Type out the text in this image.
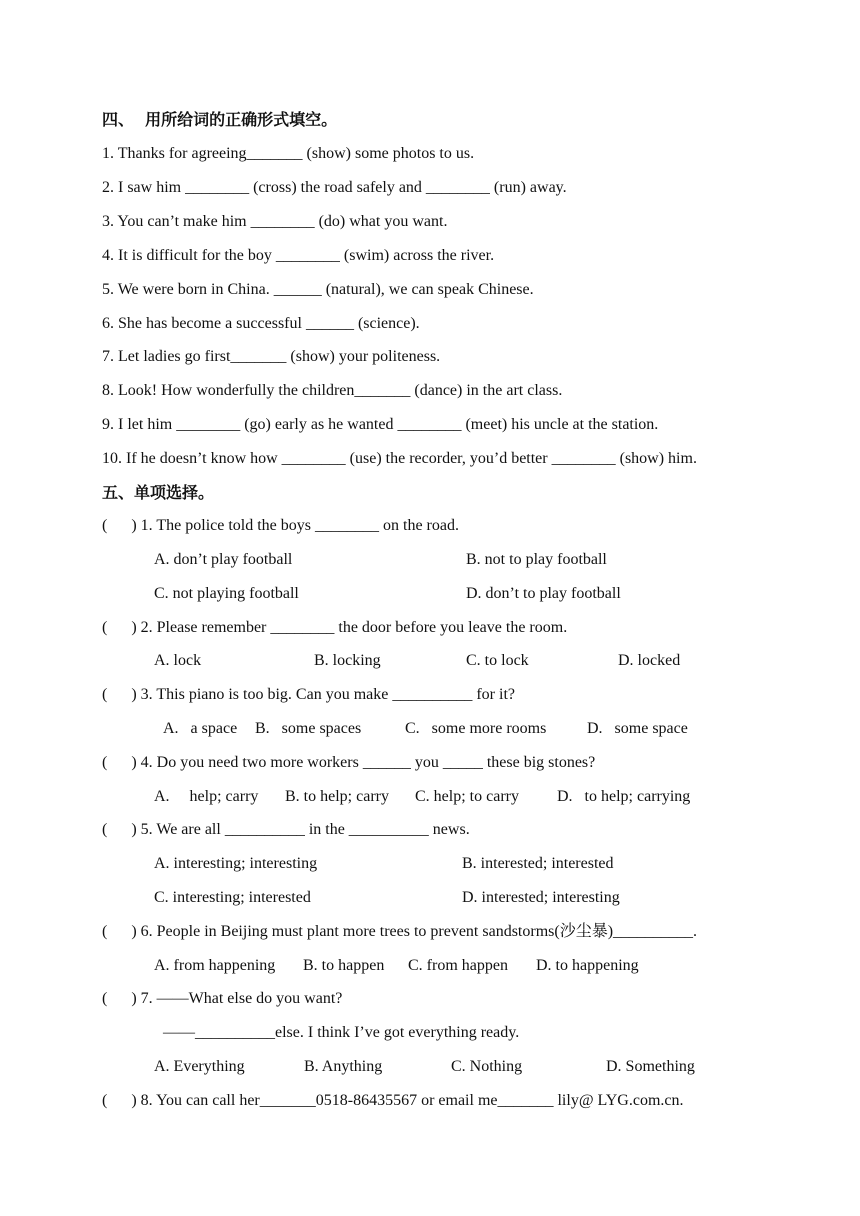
四、  用所给词的正确形式填空。
1. Thanks for agreeing_______ (show) some photos to us.
2. I saw him ________ (cross) the road safely and ________ (run) away.
3. You can’t make him ________ (do) what you want.
4. It is difficult for the boy ________ (swim) across the river.
5. We were born in China. ______ (natural), we can speak Chinese.
6. She has become a successful ______ (science).
7. Let ladies go first_______ (show) your politeness.
8. Look! How wonderfully the children_______ (dance) in the art class.
9. I let him ________ (go) early as he wanted ________ (meet) his uncle at the station.
10. If he doesn’t know how ________ (use) the recorder, you’d better ________ (show) him.
五、单项选择。
(      ) 1. The police told the boys ________ on the road.
A. don’t play football	B. not to play football
C. not playing football	D. don’t to play football
(      ) 2. Please remember ________ the door before you leave the room.
A. lock	B. locking	C. to lock	D. locked
(      ) 3. This piano is too big. Can you make __________ for it?
A.   a space B.   some spaces	C.   some more rooms	D.   some space
(      ) 4. Do you need two more workers ______ you _____ these big stones?
A.     help; carry B. to help; carry C. help; to carry D.   to help; carrying
(      ) 5. We are all __________ in the __________ news.
A. interesting; interesting	B. interested; interested
C. interesting; interested	D. interested; interesting
(      ) 6. People in Beijing must plant more trees to prevent sandstorms(沙尘暴)__________.
A. from happening B. to happen C. from happen D. to happening
(      ) 7. ——What else do you want?
——__________else. I think I’ve got everything ready.
A. Everything	B. Anything	C. Nothing	D. Something
(      ) 8. You can call her_______0518-86435567 or email me_______ lily@ LYG.com.cn.
